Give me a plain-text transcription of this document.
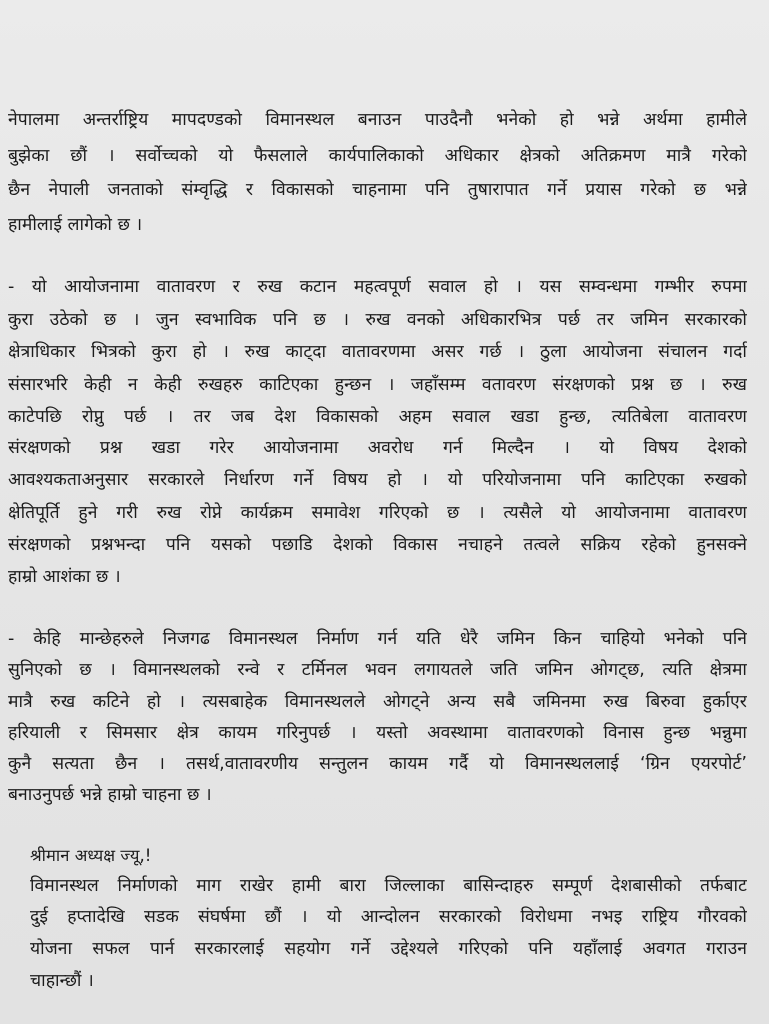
नेपालमा अन्तर्राष्ट्रिय मापदण्डको विमानस्थल बनाउन पाउदैनौ भनेको हो भन्ने अर्थमा हामीले
बुझेका छौं । सर्वोच्चको यो फैसलाले कार्यपालिकाको अधिकार क्षेत्रको अतिक्रमण मात्रै गरेको
छैन नेपाली जनताको संम्वृद्धि र विकासको चाहनामा पनि तुषारापात गर्ने प्रयास गरेको छ भन्ने
हामीलाई लागेको छ ।
- यो आयोजनामा वातावरण र रुख कटान महत्वपूर्ण सवाल हो । यस सम्वन्धमा गम्भीर रुपमा
कुरा उठेको छ । जुन स्वभाविक पनि छ । रुख वनको अधिकारभित्र पर्छ तर जमिन सरकारको
क्षेत्राधिकार भित्रको कुरा हो । रुख काट्दा वातावरणमा असर गर्छ । ठुला आयोजना संचालन गर्दा
संसारभरि केही न केही रुखहरु काटिएका हुन्छन । जहाँसम्म वतावरण संरक्षणको प्रश्न छ । रुख
काटेपछि रोप्नु पर्छ । तर जब देश विकासको अहम सवाल खडा हुन्छ, त्यतिबेला वातावरण
संरक्षणको प्रश्न खडा गरेर आयोजनामा अवरोध गर्न मिल्दैन । यो विषय देशको
आवश्यकताअनुसार सरकारले निर्धारण गर्ने विषय हो । यो परियोजनामा पनि काटिएका रुखको
क्षेतिपूर्ति हुने गरी रुख रोप्ने कार्यक्रम समावेश गरिएको छ । त्यसैले यो आयोजनामा वातावरण
संरक्षणको प्रश्नभन्दा पनि यसको पछाडि देशको विकास नचाहने तत्वले सक्रिय रहेको हुनसक्ने
हाम्रो आशंका छ ।
- केहि मान्छेहरुले निजगढ विमानस्थल निर्माण गर्न यति धेरै जमिन किन चाहियो भनेको पनि
सुनिएको छ । विमानस्थलको रन्वे र टर्मिनल भवन लगायतले जति जमिन ओगट्छ, त्यति क्षेत्रमा
मात्रै रुख कटिने हो । त्यसबाहेक विमानस्थलले ओगट्ने अन्य सबै जमिनमा रुख बिरुवा हुर्काएर
हरियाली र सिमसार क्षेत्र कायम गरिनुपर्छ । यस्तो अवस्थामा वातावरणको विनास हुन्छ भन्नुमा
कुनै सत्यता छैन । तसर्थ,वातावरणीय सन्तुलन कायम गर्दै यो विमानस्थललाई ‘ग्रिन एयरपोर्ट’
बनाउनुपर्छ भन्ने हाम्रो चाहना छ ।
श्रीमान अध्यक्ष ज्यू,!
विमानस्थल निर्माणको माग राखेर हामी बारा जिल्लाका बासिन्दाहरु सम्पूर्ण देशबासीको तर्फबाट
दुई हप्तादेखि सडक संघर्षमा छौं । यो आन्दोलन सरकारको विरोधमा नभइ राष्ट्रिय गौरवको
योजना सफल पार्न सरकारलाई सहयोग गर्ने उद्देश्यले गरिएको पनि यहाँलाई अवगत गराउन
चाहान्छौं ।
